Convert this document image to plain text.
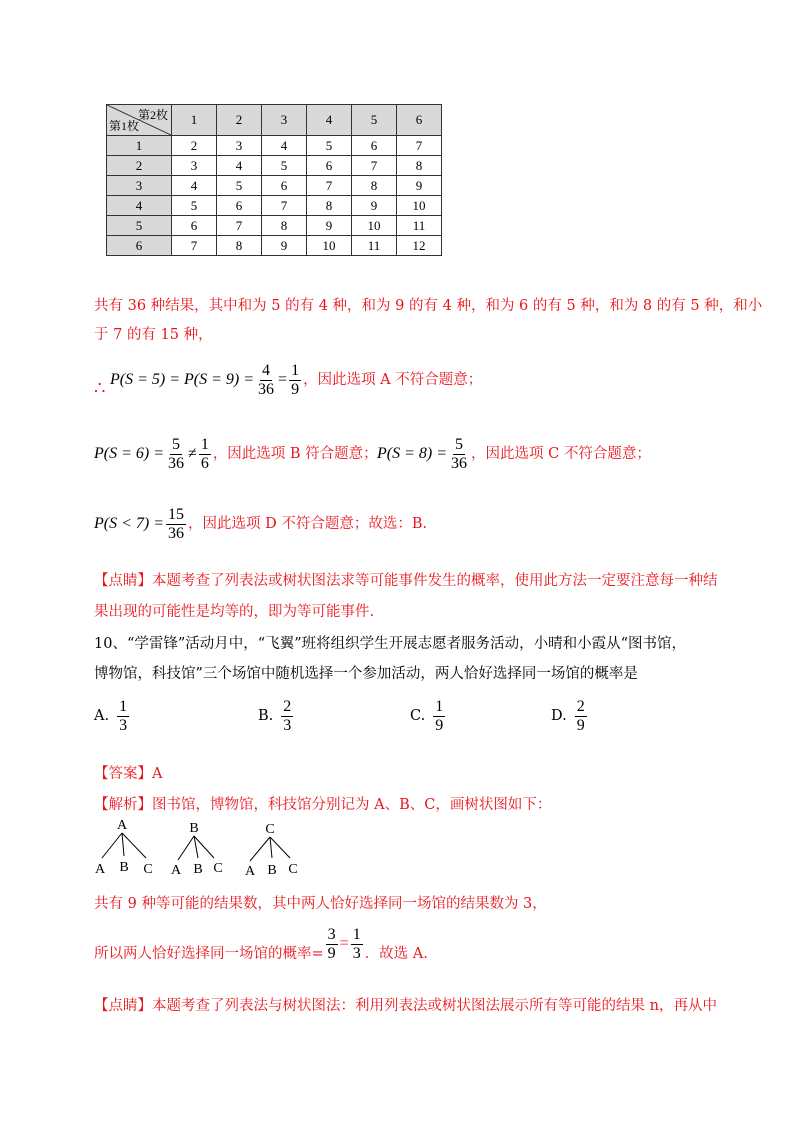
第2枚
第1枚	1	2	3	4	5	6
1	2	3	4	5	6	7
2	3	4	5	6	7	8
3	4	5	6	7	8	9
4	5	6	7	8	9	10
5	6	7	8	9	10	11
6	7	8	9	10	11	12
共有 36 种结果，其中和为 5 的有 4 种，和为 9 的有 4 种，和为 6 的有 5 种，和为 8 的有 5 种，和小
于 7 的有 15 种，
∴ $P(S = 5) = P(S = 9) = \frac{4}{36} = \frac{1}{9}$ ，因此选项 A 不符合题意；
$P(S = 6) = \frac{5}{36} \ne \frac{1}{6}$ ，因此选项 B 符合题意； $P(S = 8) = \frac{5}{36}$ ，因此选项 C 不符合题意；
$P(S < 7) = \frac{15}{36}$ ，因此选项 D 不符合题意；故选：B.
【点睛】本题考查了列表法或树状图法求等可能事件发生的概率，使用此方法一定要注意每一种结
果出现的可能性是均等的，即为等可能事件.
10、“学雷锋”活动月中，“飞翼”班将组织学生开展志愿者服务活动，小晴和小霞从“图书馆，
博物馆，科技馆”三个场馆中随机选择一个参加活动，两人恰好选择同一场馆的概率是
A. $\frac{1}{3}$	B. $\frac{2}{3}$	C. $\frac{1}{9}$	D. $\frac{2}{9}$
【答案】A
【解析】图书馆，博物馆，科技馆分别记为 A、B、C，画树状图如下：
A
A B C
B
A B C
C
A B C
共有 9 种等可能的结果数，其中两人恰好选择同一场馆的结果数为 3，
所以两人恰好选择同一场馆的概率= $\frac{3}{9} = \frac{1}{3}$ ．故选 A.
【点睛】本题考查了列表法与树状图法：利用列表法或树状图法展示所有等可能的结果 n，再从中
